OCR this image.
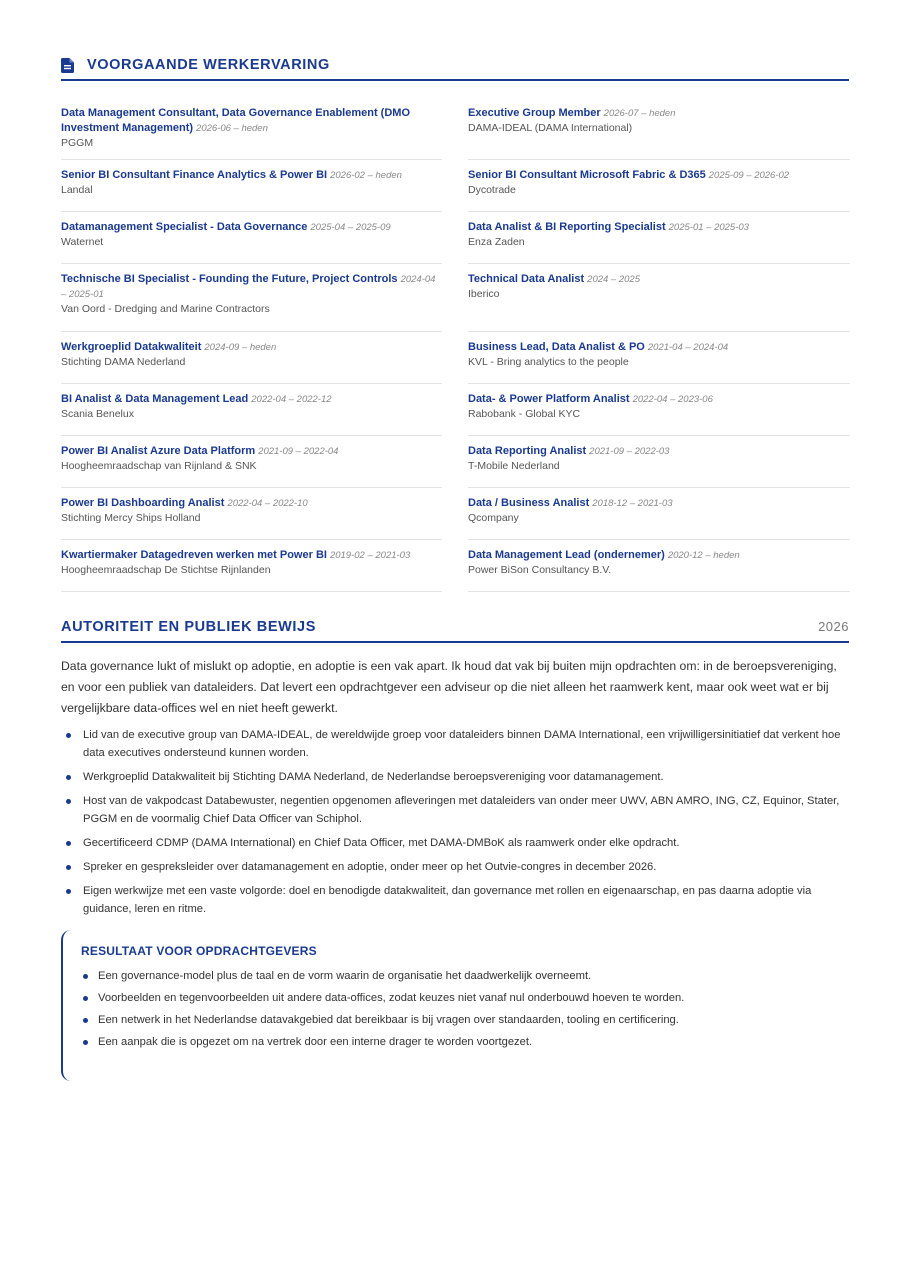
VOORGAANDE WERKERVARING
Data Management Consultant, Data Governance Enablement (DMO Investment Management) 2026-06 – heden
PGGM
Executive Group Member 2026-07 – heden
DAMA-IDEAL (DAMA International)
Senior BI Consultant Finance Analytics & Power BI 2026-02 – heden
Landal
Senior BI Consultant Microsoft Fabric & D365 2025-09 – 2026-02
Dycotrade
Datamanagement Specialist - Data Governance 2025-04 – 2025-09
Waternet
Data Analist & BI Reporting Specialist 2025-01 – 2025-03
Enza Zaden
Technische BI Specialist - Founding the Future, Project Controls 2024-04 – 2025-01
Van Oord - Dredging and Marine Contractors
Technical Data Analist 2024 – 2025
Iberico
Werkgroeplid Datakwaliteit 2024-09 – heden
Stichting DAMA Nederland
Business Lead, Data Analist & PO 2021-04 – 2024-04
KVL - Bring analytics to the people
BI Analist & Data Management Lead 2022-04 – 2022-12
Scania Benelux
Data- & Power Platform Analist 2022-04 – 2023-06
Rabobank - Global KYC
Power BI Analist Azure Data Platform 2021-09 – 2022-04
Hoogheemraadschap van Rijnland & SNK
Data Reporting Analist 2021-09 – 2022-03
T-Mobile Nederland
Power BI Dashboarding Analist 2022-04 – 2022-10
Stichting Mercy Ships Holland
Data / Business Analist 2018-12 – 2021-03
Qcompany
Kwartiermaker Datagedreven werken met Power BI 2019-02 – 2021-03
Hoogheemraadschap De Stichtse Rijnlanden
Data Management Lead (ondernemer) 2020-12 – heden
Power BiSon Consultancy B.V.
AUTORITEIT EN PUBLIEK BEWIJS	2026

Data governance lukt of mislukt op adoptie, en adoptie is een vak apart. Ik houd dat vak bij buiten mijn opdrachten om: in de beroepsvereniging, en voor een publiek van dataleiders. Dat levert een opdrachtgever een adviseur op die niet alleen het raamwerk kent, maar ook weet wat er bij vergelijkbare data-offices wel en niet heeft gewerkt.

Lid van de executive group van DAMA-IDEAL, de wereldwijde groep voor dataleiders binnen DAMA International, een vrijwilligersinitiatief dat verkent hoe data executives ondersteund kunnen worden.
Werkgroeplid Datakwaliteit bij Stichting DAMA Nederland, de Nederlandse beroepsvereniging voor datamanagement.
Host van de vakpodcast Databewuster, negentien opgenomen afleveringen met dataleiders van onder meer UWV, ABN AMRO, ING, CZ, Equinor, Stater, PGGM en de voormalig Chief Data Officer van Schiphol.
Gecertificeerd CDMP (DAMA International) en Chief Data Officer, met DAMA-DMBoK als raamwerk onder elke opdracht.
Spreker en gespreksleider over datamanagement en adoptie, onder meer op het Outvie-congres in december 2026.
Eigen werkwijze met een vaste volgorde: doel en benodigde datakwaliteit, dan governance met rollen en eigenaarschap, en pas daarna adoptie via guidance, leren en ritme.
RESULTAAT VOOR OPDRACHTGEVERS
Een governance-model plus de taal en de vorm waarin de organisatie het daadwerkelijk overneemt.
Voorbeelden en tegenvoorbeelden uit andere data-offices, zodat keuzes niet vanaf nul onderbouwd hoeven te worden.
Een netwerk in het Nederlandse datavakgebied dat bereikbaar is bij vragen over standaarden, tooling en certificering.
Een aanpak die is opgezet om na vertrek door een interne drager te worden voortgezet.
